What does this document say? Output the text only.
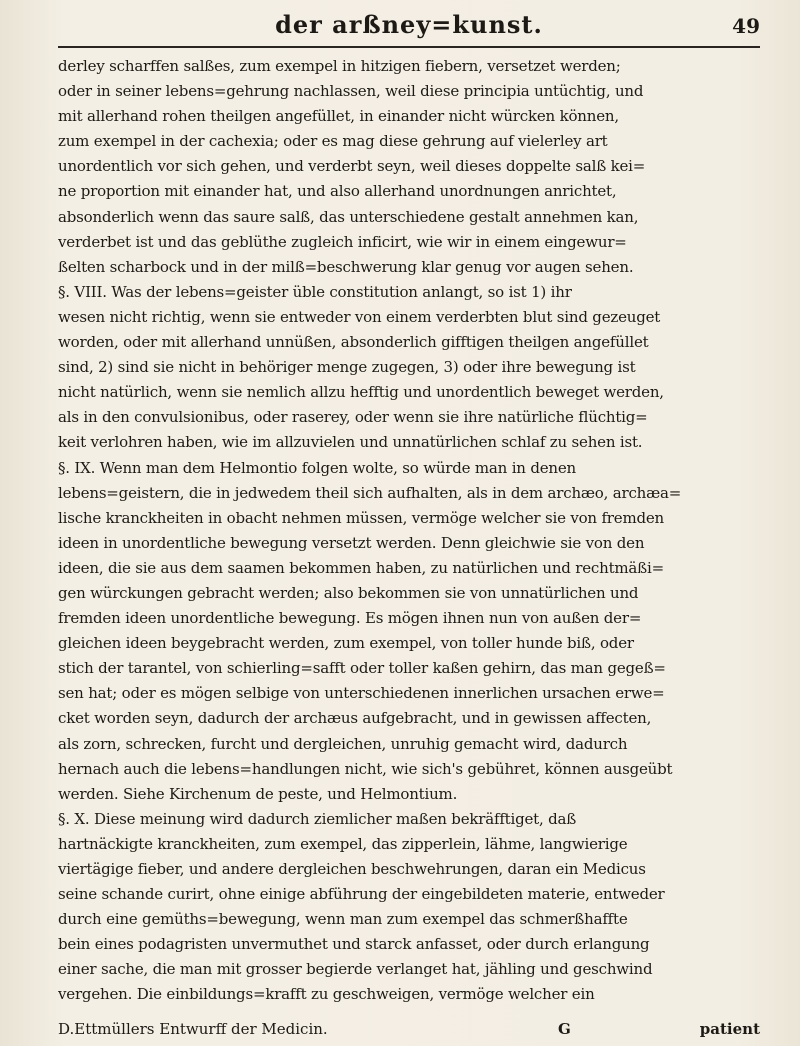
der arßney=kunst.	49
derley scharffen salßes, zum exempel in hitzigen fiebern, versetzet werden;
oder in seiner lebens=gehrung nachlassen, weil diese principia untüchtig, und
mit allerhand rohen theilgen angefüllet, in einander nicht würcken können,
zum exempel in der cachexia; oder es mag diese gehrung auf vielerley art
unordentlich vor sich gehen, und verderbt seyn, weil dieses doppelte salß kei=
ne proportion mit einander hat, und also allerhand unordnungen anrichtet,
absonderlich wenn das saure salß, das unterschiedene gestalt annehmen kan,
verderbet ist und das geblüthe zugleich inficirt, wie wir in einem eingewur=
ßelten scharbock und in der milß=beschwerung klar genug vor augen sehen.
§. VIII. Was der lebens=geister üble constitution anlangt, so ist 1) ihr
wesen nicht richtig, wenn sie entweder von einem verderbten blut sind gezeuget
worden, oder mit allerhand unnüßen, absonderlich gifftigen theilgen angefüllet
sind, 2) sind sie nicht in behöriger menge zugegen, 3) oder ihre bewegung ist
nicht natürlich, wenn sie nemlich allzu hefftig und unordentlich beweget werden,
als in den convulsionibus, oder raserey, oder wenn sie ihre natürliche flüchtig=
keit verlohren haben, wie im allzuvielen und unnatürlichen schlaf zu sehen ist.
§. IX. Wenn man dem Helmontio folgen wolte, so würde man in denen
lebens=geistern, die in jedwedem theil sich aufhalten, als in dem archæo, archæa=
lische kranckheiten in obacht nehmen müssen, vermöge welcher sie von fremden
ideen in unordentliche bewegung versetzt werden. Denn gleichwie sie von den
ideen, die sie aus dem saamen bekommen haben, zu natürlichen und rechtmäßi=
gen würckungen gebracht werden; also bekommen sie von unnatürlichen und
fremden ideen unordentliche bewegung. Es mögen ihnen nun von außen der=
gleichen ideen beygebracht werden, zum exempel, von toller hunde biß, oder
stich der tarantel, von schierling=safft oder toller kaßen gehirn, das man gegeß=
sen hat; oder es mögen selbige von unterschiedenen innerlichen ursachen erwe=
cket worden seyn, dadurch der archæus aufgebracht, und in gewissen affecten,
als zorn, schrecken, furcht und dergleichen, unruhig gemacht wird, dadurch
hernach auch die lebens=handlungen nicht, wie sich's gebühret, können ausgeübt
werden. Siehe Kirchenum de peste, und Helmontium.
§. X. Diese meinung wird dadurch ziemlicher maßen bekräfftiget, daß
hartnäckigte kranckheiten, zum exempel, das zipperlein, lähme, langwierige
viertägige fieber, und andere dergleichen beschwehrungen, daran ein Medicus
seine schande curirt, ohne einige abführung der eingebildeten materie, entweder
durch eine gemüths=bewegung, wenn man zum exempel das schmerßhaffte
bein eines podagristen unvermuthet und starck anfasset, oder durch erlangung
einer sache, die man mit grosser begierde verlanget hat, jähling und geschwind
vergehen. Die einbildungs=krafft zu geschweigen, vermöge welcher ein
D.Ettmüllers Entwurff der Medicin.	G	patient
